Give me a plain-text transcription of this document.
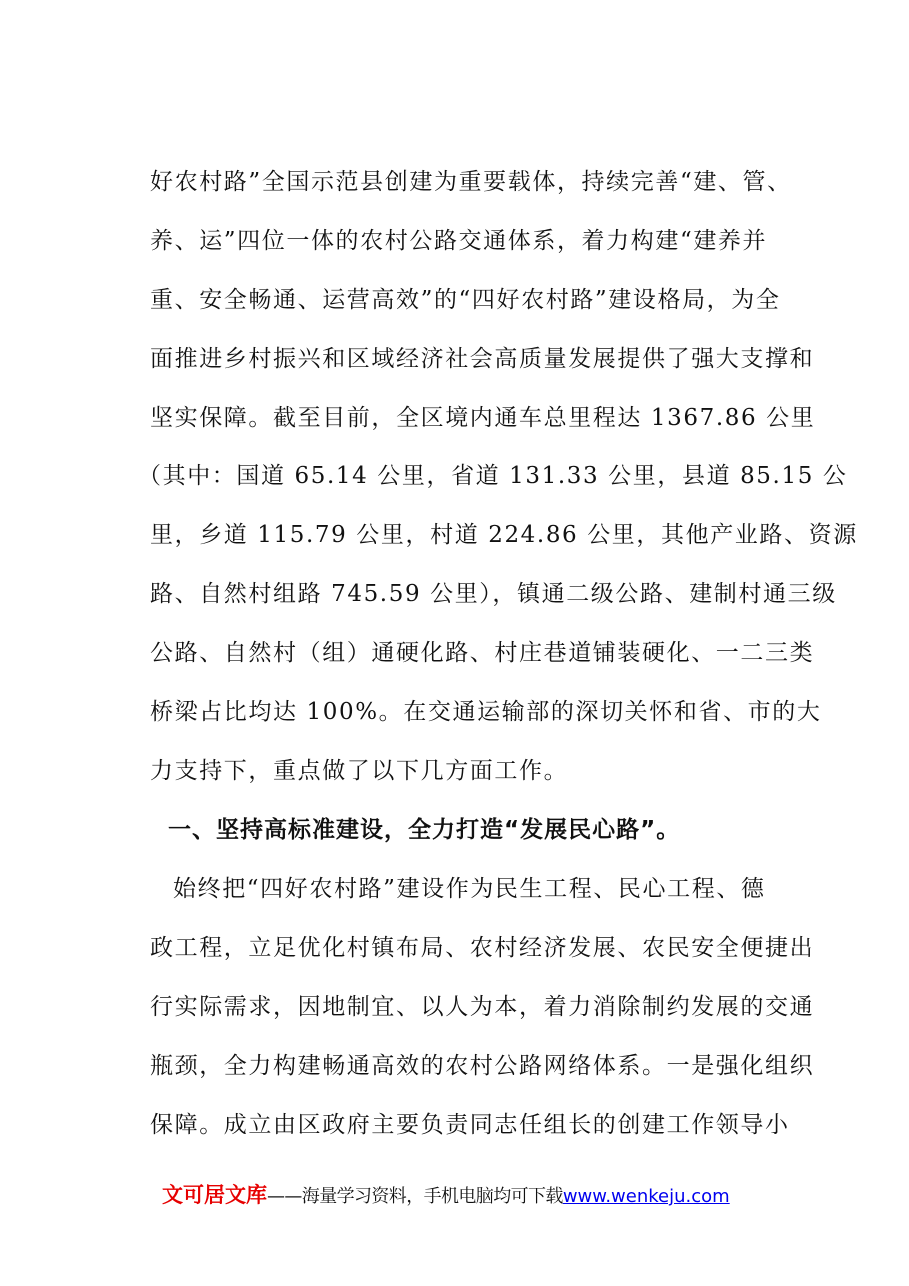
好农村路”全国示范县创建为重要载体，持续完善“建、管、
养、运”四位一体的农村公路交通体系，着力构建“建养并
重、安全畅通、运营高效”的“四好农村路”建设格局，为全
面推进乡村振兴和区域经济社会高质量发展提供了强大支撑和
坚实保障。截至目前，全区境内通车总里程达 1367.86 公里
（其中：国道 65.14 公里，省道 131.33 公里，县道 85.15 公
里，乡道 115.79 公里，村道 224.86 公里，其他产业路、资源
路、自然村组路 745.59 公里），镇通二级公路、建制村通三级
公路、自然村（组）通硬化路、村庄巷道铺装硬化、一二三类
桥梁占比均达 100%。在交通运输部的深切关怀和省、市的大
力支持下，重点做了以下几方面工作。
一、坚持高标准建设，全力打造“发展民心路”。
始终把“四好农村路”建设作为民生工程、民心工程、德
政工程，立足优化村镇布局、农村经济发展、农民安全便捷出
行实际需求，因地制宜、以人为本，着力消除制约发展的交通
瓶颈，全力构建畅通高效的农村公路网络体系。一是强化组织
保障。成立由区政府主要负责同志任组长的创建工作领导小
文可居文库——海量学习资料，手机电脑均可下载www.wenkeju.com
